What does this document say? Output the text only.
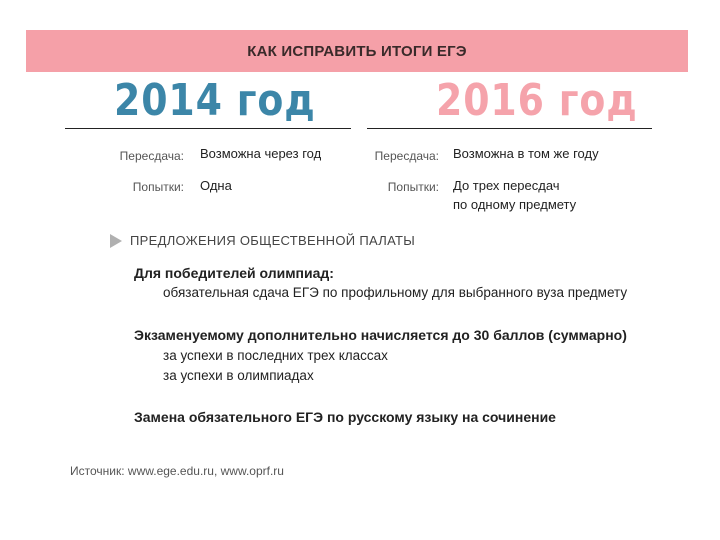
КАК ИСПРАВИТЬ ИТОГИ ЕГЭ
2014 год	2016 год
Пересдача: Возможна через год
Попытки: Одна
Пересдача: Возможна в том же году
Попытки: До трех пересдач
по одному предмету
ПРЕДЛОЖЕНИЯ ОБЩЕСТВЕННОЙ ПАЛАТЫ
Для победителей олимпиад:
обязательная сдача ЕГЭ по профильному для выбранного вуза предмету
Экзаменуемому дополнительно начисляется до 30 баллов (суммарно)
за успехи в последних трех классах
за успехи в олимпиадах
Замена обязательного ЕГЭ по русскому языку на сочинение
Источник: www.ege.edu.ru, www.oprf.ru
